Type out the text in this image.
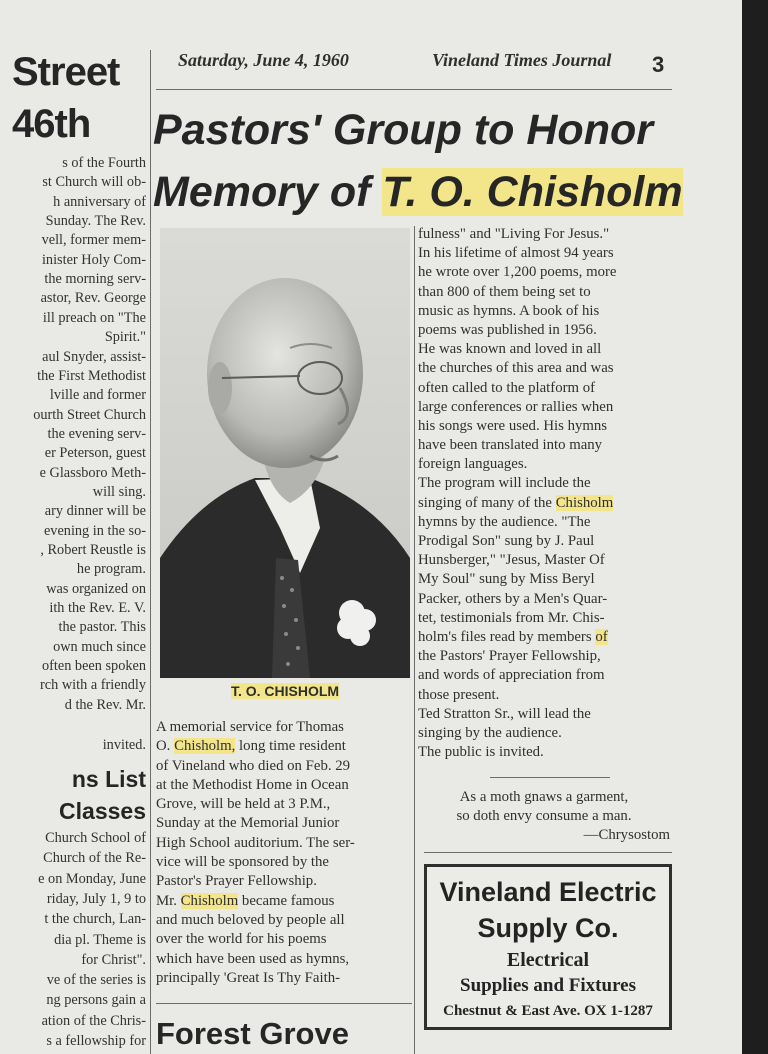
Street
46th
s of the Fourth
st Church will ob-
h anniversary of
Sunday. The Rev.
vell, former mem-
inister Holy Com-
the morning serv-
astor, Rev. George
ill preach on "The
Spirit."
aul Snyder, assist-
the First Methodist
lville and former
ourth Street Church
the evening serv-
er Peterson, guest
e Glassboro Meth-
will sing.
ary dinner will be
evening in the so-
, Robert Reustle is
he program.
was organized on
ith the Rev. E. V.
the pastor. This
own much since
often been spoken
rch with a friendly
d the Rev. Mr.
invited.
ns List
Classes
Church School of
Church of the Re-
e on Monday, June
riday, July 1, 9 to
t the church, Lan-
dia pl. Theme is
for Christ".
ve of the series is
ng persons gain a
ation of the Chris-
s a fellowship for
Saturday, June 4, 1960	Vineland Times Journal 3
Pastors' Group to Honor
Memory of T. O. Chisholm
T. O. CHISHOLM
A memorial service for Thomas
O. Chisholm, long time resident
of Vineland who died on Feb. 29
at the Methodist Home in Ocean
Grove, will be held at 3 P.M.,
Sunday at the Memorial Junior
High School auditorium. The ser-
vice will be sponsored by the
Pastor's Prayer Fellowship.
Mr. Chisholm became famous
and much beloved by people all
over the world for his poems
which have been used as hymns,
principally 'Great Is Thy Faith-
fulness" and "Living For Jesus."
In his lifetime of almost 94 years
he wrote over 1,200 poems, more
than 800 of them being set to
music as hymns. A book of his
poems was published in 1956.
He was known and loved in all
the churches of this area and was
often called to the platform of
large conferences or rallies when
his songs were used. His hymns
have been translated into many
foreign languages.
The program will include the
singing of many of the Chisholm
hymns by the audience. "The
Prodigal Son" sung by J. Paul
Hunsberger," "Jesus, Master Of
My Soul" sung by Miss Beryl
Packer, others by a Men's Quar-
tet, testimonials from Mr. Chis-
holm's files read by members of
the Pastors' Prayer Fellowship,
and words of appreciation from
those present.
Ted Stratton Sr., will lead the
singing by the audience.
The public is invited.
As a moth gnaws a garment,
so doth envy consume a man.
—Chrysostom
Vineland Electric
Supply Co.
Electrical
Supplies and Fixtures
Chestnut & East Ave. OX 1-1287
Forest Grove
